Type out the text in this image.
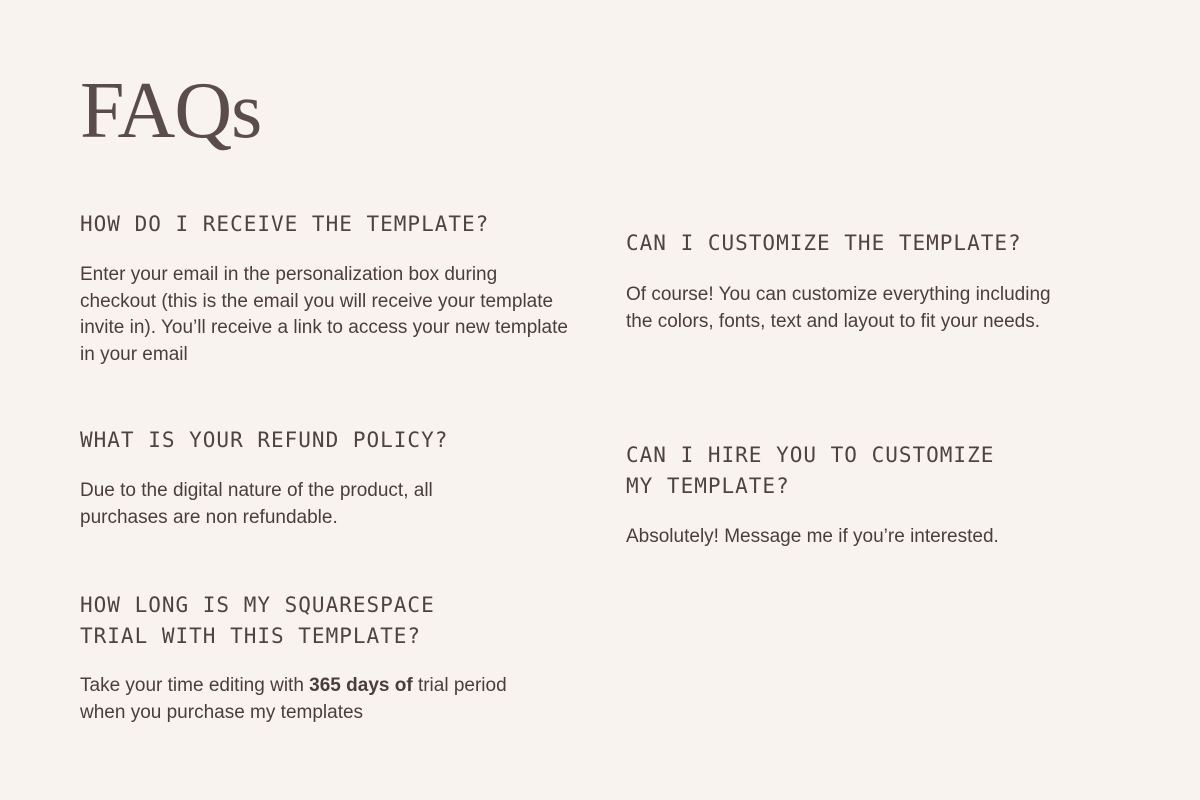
FAQs
HOW DO I RECEIVE THE TEMPLATE?

Enter your email in the personalization box during checkout (this is the email you will receive your template invite in). You’ll receive a link to access your new template in your email

WHAT IS YOUR REFUND POLICY?

Due to the digital nature of the product, all purchases are non refundable.

HOW LONG IS MY SQUARESPACE
TRIAL WITH THIS TEMPLATE?

Take your time editing with 365 days of trial period when you purchase my templates

CAN I CUSTOMIZE THE TEMPLATE?

Of course! You can customize everything including the colors, fonts, text and layout to fit your needs.

CAN I HIRE YOU TO CUSTOMIZE
MY TEMPLATE?

Absolutely! Message me if you’re interested.
